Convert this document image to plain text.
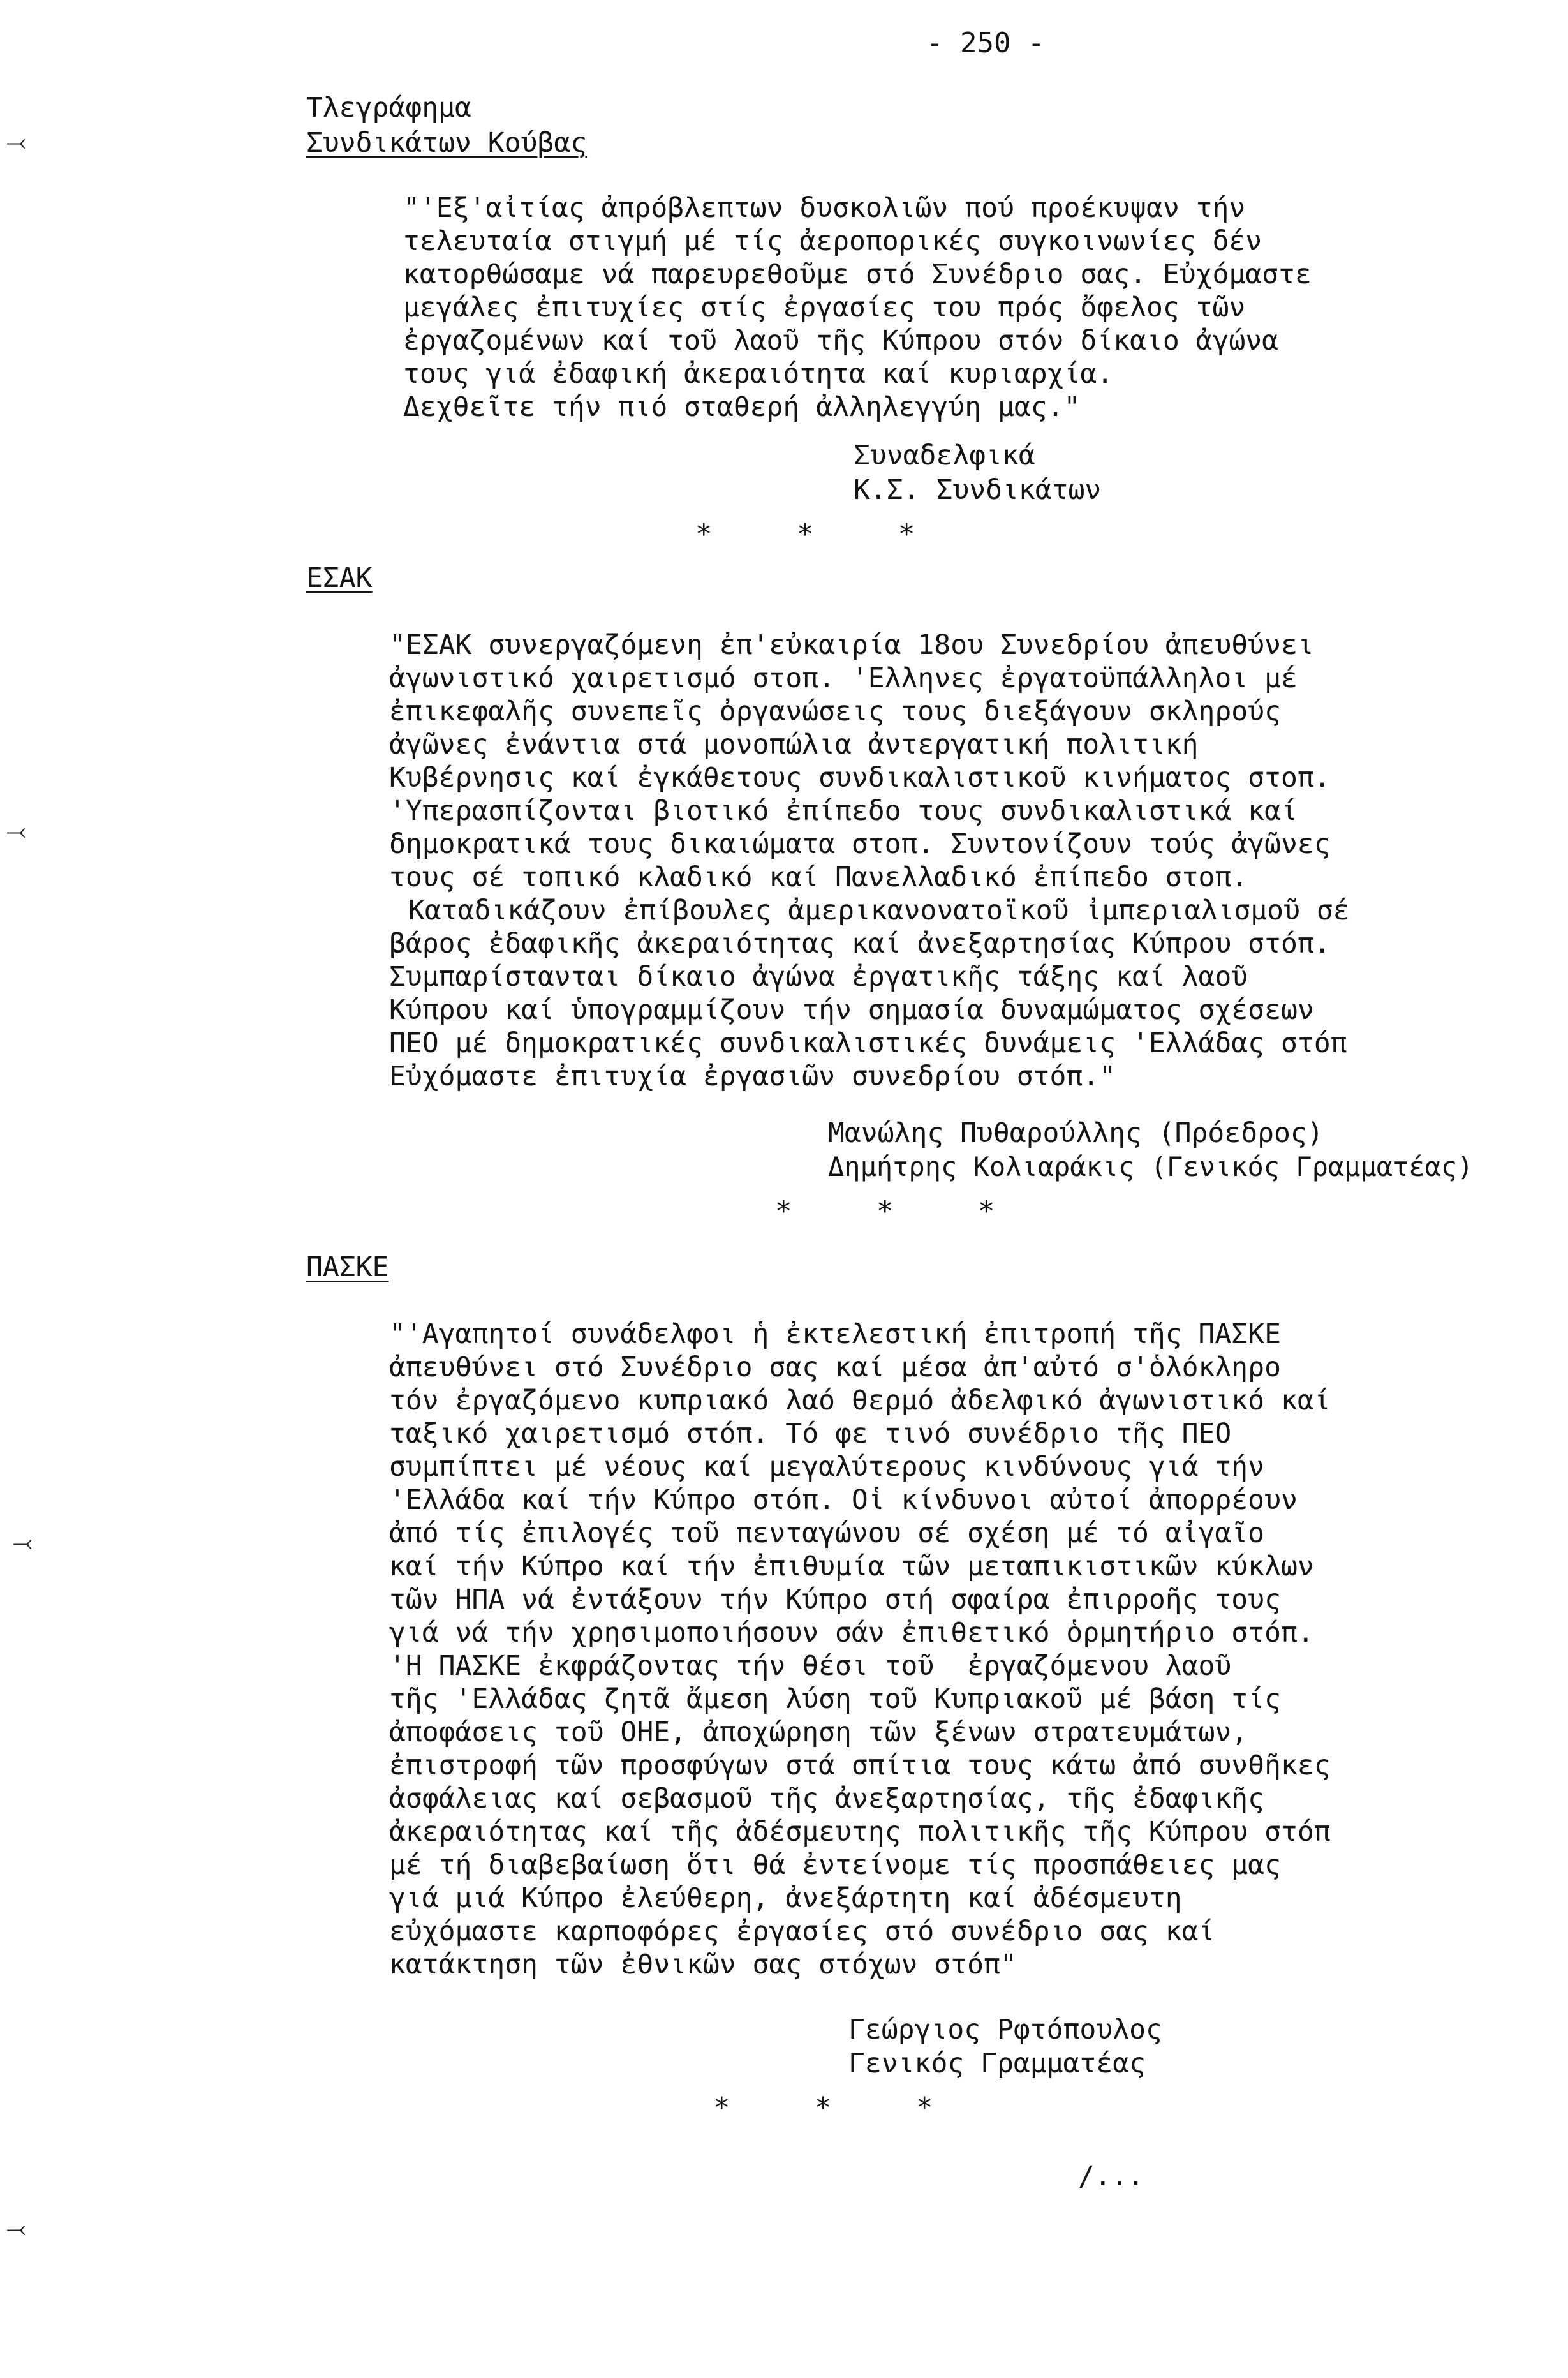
- 250 -
⤙
⤙
⤙
⤙
Τλεγράφημα
Συνδικάτων Κούβας
"'Εξ'αἰτίας ἀπρόβλεπτων δυσκολιῶν πού προέκυψαν τήν
τελευταία στιγμή μέ τίς ἀεροπορικές συγκοινωνίες δέν
κατορθώσαμε νά παρευρεθοῦμε στό Συνέδριο σας. Εὐχόμαστε
μεγάλες ἐπιτυχίες στίς ἐργασίες του πρός ὄφελος τῶν
ἐργαζομένων καί τοῦ λαοῦ τῆς Κύπρου στόν δίκαιο ἀγώνα
τους γιά ἐδαφική ἀκεραιότητα καί κυριαρχία.
Δεχθεῖτε τήν πιό σταθερή ἀλληλεγγύη μας."
Συναδελφικά
Κ.Σ. Συνδικάτων
*     *     *
ΕΣΑΚ
"ΕΣΑΚ συνεργαζόμενη ἐπ'εὐκαιρία 18ου Συνεδρίου ἀπευθύνει
ἀγωνιστικό χαιρετισμό στοπ. 'Ελληνες ἐργατοϋπάλληλοι μέ
ἐπικεφαλῆς συνεπεῖς ὀργανώσεις τους διεξάγουν σκληρούς
ἀγῶνες ἐνάντια στά μονοπώλια ἀντεργατική πολιτική
Κυβέρνησις καί ἐγκάθετους συνδικαλιστικοῦ κινήματος στοπ.
'Υπερασπίζονται βιοτικό ἐπίπεδο τους συνδικαλιστικά καί
δημοκρατικά τους δικαιώματα στοπ. Συντονίζουν τούς ἀγῶνες
τους σέ τοπικό κλαδικό καί Πανελλαδικό ἐπίπεδο στοπ.
Καταδικάζουν ἐπίβουλες ἀμερικανονατοϊκοῦ ἰμπεριαλισμοῦ σέ
βάρος ἐδαφικῆς ἀκεραιότητας καί ἀνεξαρτησίας Κύπρου στόπ.
Συμπαρίστανται δίκαιο ἀγώνα ἐργατικῆς τάξης καί λαοῦ
Κύπρου καί ὑπογραμμίζουν τήν σημασία δυναμώματος σχέσεων
ΠΕΟ μέ δημοκρατικές συνδικαλιστικές δυνάμεις 'Ελλάδας στόπ
Εὐχόμαστε ἐπιτυχία ἐργασιῶν συνεδρίου στόπ."
Μανώλης Πυθαρούλλης (Πρόεδρος)
Δημήτρης Κολιαράκις (Γενικός Γραμματέας)
*     *     *
ΠΑΣΚΕ
"'Αγαπητοί συνάδελφοι ἡ ἐκτελεστική ἐπιτροπή τῆς ΠΑΣΚΕ
ἀπευθύνει στό Συνέδριο σας καί μέσα ἀπ'αὐτό σ'ὁλόκληρο
τόν ἐργαζόμενο κυπριακό λαό θερμό ἀδελφικό ἀγωνιστικό καί
ταξικό χαιρετισμό στόπ. Τό φε τινό συνέδριο τῆς ΠΕΟ
συμπίπτει μέ νέους καί μεγαλύτερους κινδύνους γιά τήν
'Ελλάδα καί τήν Κύπρο στόπ. Οἱ κίνδυνοι αὐτοί ἀπορρέουν
ἀπό τίς ἐπιλογές τοῦ πενταγώνου σέ σχέση μέ τό αἰγαῖο
καί τήν Κύπρο καί τήν ἐπιθυμία τῶν μεταπικιστικῶν κύκλων
τῶν ΗΠΑ νά ἐντάξουν τήν Κύπρο στή σφαίρα ἐπιρροῆς τους
γιά νά τήν χρησιμοποιήσουν σάν ἐπιθετικό ὁρμητήριο στόπ.
'Η ΠΑΣΚΕ ἐκφράζοντας τήν θέσι τοῦ  ἐργαζόμενου λαοῦ
τῆς 'Ελλάδας ζητᾶ ἄμεση λύση τοῦ Κυπριακοῦ μέ βάση τίς
ἀποφάσεις τοῦ ΟΗΕ, ἀποχώρηση τῶν ξένων στρατευμάτων,
ἐπιστροφή τῶν προσφύγων στά σπίτια τους κάτω ἀπό συνθῆκες
ἀσφάλειας καί σεβασμοῦ τῆς ἀνεξαρτησίας, τῆς ἐδαφικῆς
ἀκεραιότητας καί τῆς ἀδέσμευτης πολιτικῆς τῆς Κύπρου στόπ
μέ τή διαβεβαίωση ὅτι θά ἐντείνομε τίς προσπάθειες μας
γιά μιά Κύπρο ἐλεύθερη, ἀνεξάρτητη καί ἀδέσμευτη
εὐχόμαστε καρποφόρες ἐργασίες στό συνέδριο σας καί
κατάκτηση τῶν ἐθνικῶν σας στόχων στόπ"
Γεώργιος Ρφτόπουλος
Γενικός Γραμματέας
*     *     *
/...
